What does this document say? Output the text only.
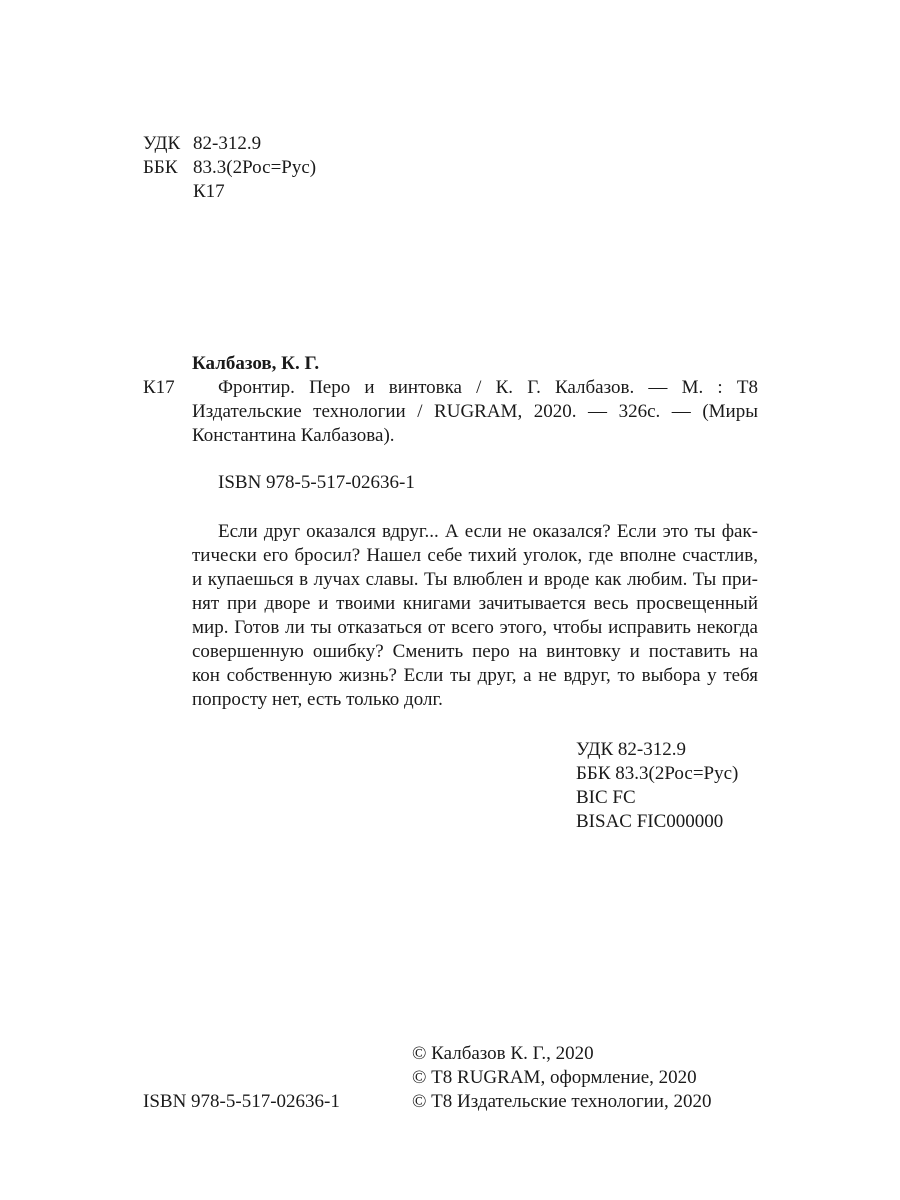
УДК 82-312.9
ББК 83.3(2Рос=Рус)
К17
Калбазов, К. Г.
К17	Фронтир. Перо и винтовка / К. Г. Калбазов. — М. : Т8 Издательские технологии / RUGRAM, 2020. — 326с. — (Миры Константина Калбазова).

ISBN 978-5-517-02636-1
Если друг оказался вдруг... А если не оказался? Если это ты фак-
тически его бросил? Нашел себе тихий уголок, где вполне счастлив,
и купаешься в лучах славы. Ты влюблен и вроде как любим. Ты при-
нят при дворе и твоими книгами зачитывается весь просвещенный
мир. Готов ли ты отказаться от всего этого, чтобы исправить некогда
совершенную ошибку? Сменить перо на винтовку и поставить на
кон собственную жизнь? Если ты друг, а не вдруг, то выбора у тебя
попросту нет, есть только долг.
УДК 82-312.9
ББК 83.3(2Рос=Рус)
BIC FC
BISAC FIC000000
ISBN 978-5-517-02636-1
© Калбазов К. Г., 2020
© Т8 RUGRAM, оформление, 2020
© Т8 Издательские технологии, 2020
